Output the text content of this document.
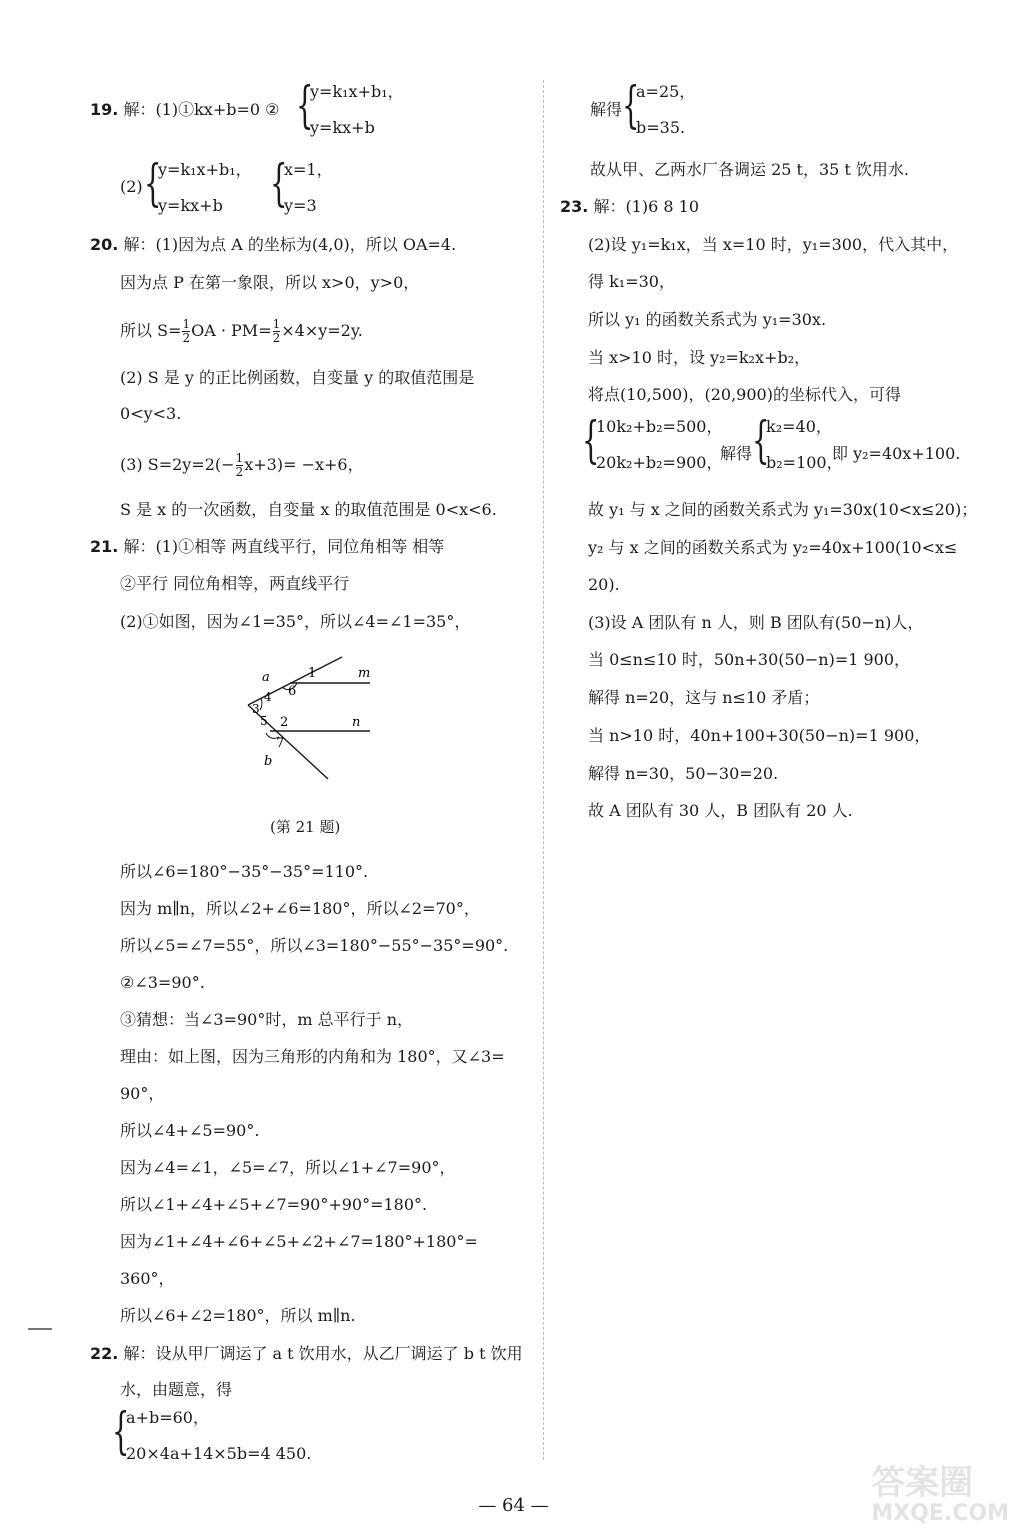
19. 解：(1)①kx+b=0 ② {
y=k₁x+b₁，
y=kx+b
(2) {
y=k₁x+b₁，
y=kx+b {
x=1，
y=3
20. 解：(1)因为点 A 的坐标为(4,0)，所以 OA=4.
因为点 P 在第一象限，所以 x>0，y>0，
所以 $S= \frac{1}{2}$ OA · $PM= \frac{1}{2} \times 4\times y=2y$.
(2) S 是 y 的正比例函数，自变量 y 的取值范围是
0<y<3.
(3) $S=2y=2(- \frac{1}{2} x+3)= -x+6$，
S 是 x 的一次函数，自变量 x 的取值范围是 0<x<6.
21. 解：(1)①相等 两直线平行，同位角相等 相等
②平行 同位角相等，两直线平行
(2)①如图，因为∠1=35°，所以∠4=∠1=35°，
a	1	m
6
4
3
5 2	n
7
b
(第 21 题)
所以∠6=180°−35°−35°=110°.
因为 m∥n，所以∠2+∠6=180°，所以∠2=70°，
所以∠5=∠7=55°，所以∠3=180°−55°−35°=90°.
②∠3=90°.
③猜想：当∠3=90°时，m 总平行于 n，
理由：如上图，因为三角形的内角和为 180°，又∠3=
90°，
所以∠4+∠5=90°.
因为∠4=∠1，∠5=∠7，所以∠1+∠7=90°，
所以∠1+∠4+∠5+∠7=90°+90°=180°.
因为∠1+∠4+∠6+∠5+∠2+∠7=180°+180°=
360°，
所以∠6+∠2=180°，所以 m∥n.
22. 解：设从甲厂调运了 a t 饮用水，从乙厂调运了 b t 饮用
水，由题意，得
{
a+b=60，
20×4a+14×5b=4 450.
解得 {
a=25，
b=35.
故从甲、乙两水厂各调运 25 t，35 t 饮用水.
23. 解：(1)6 8 10
(2)设 y₁=k₁x，当 x=10 时，y₁=300，代入其中，
得 k₁=30，
所以 y₁ 的函数关系式为 y₁=30x.
当 x>10 时，设 y₂=k₂x+b₂，
将点(10,500)，(20,900)的坐标代入，可得
{
10k₂+b₂=500，
20k₂+b₂=900，
解得 {
k₂=40，
b₂=100，
即 y₂=40x+100.
故 y₁ 与 x 之间的函数关系式为 y₁=30x(10<x≤20)；
y₂ 与 x 之间的函数关系式为 y₂=40x+100(10<x≤
20).
(3)设 A 团队有 n 人，则 B 团队有(50−n)人，
当 0≤n≤10 时，50n+30(50−n)=1 900，
解得 n=20，这与 n≤10 矛盾；
当 n>10 时，40n+100+30(50−n)=1 900，
解得 n=30，50−30=20.
故 A 团队有 30 人，B 团队有 20 人.
— 64 —
答案圈
MXQE.COM
